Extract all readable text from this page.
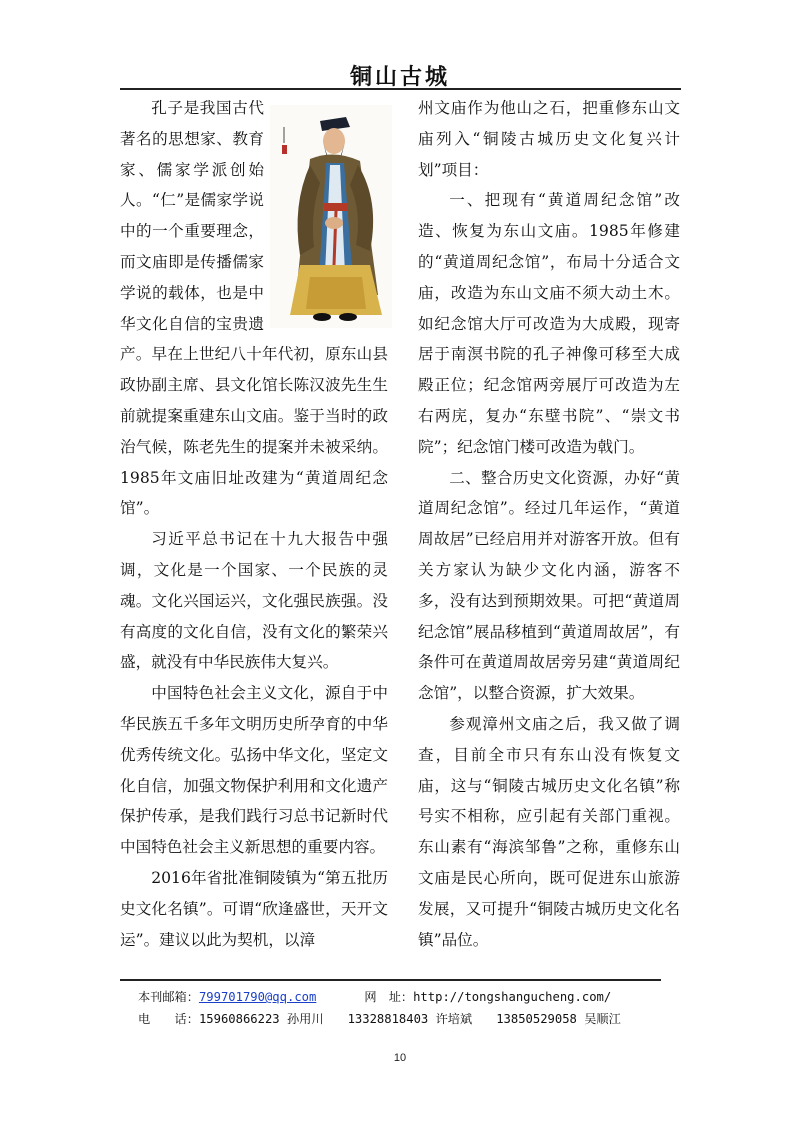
铜山古城

孔子是我国古代著名的思想家、教育家、儒家学派创始人。“仁”是儒家学说中的一个重要理念，而文庙即是传播儒家学说的载体，也是中华文化自信的宝贵遗产。早在上世纪八十年代初，原东山县政协副主席、县文化馆长陈汉波先生生前就提案重建东山文庙。鉴于当时的政治气候，陈老先生的提案并未被采纳。1985年文庙旧址改建为“黄道周纪念馆”。

习近平总书记在十九大报告中强调，文化是一个国家、一个民族的灵魂。文化兴国运兴，文化强民族强。没有高度的文化自信，没有文化的繁荣兴盛，就没有中华民族伟大复兴。

中国特色社会主义文化，源自于中华民族五千多年文明历史所孕育的中华优秀传统文化。弘扬中华文化，坚定文化自信，加强文物保护利用和文化遗产保护传承，是我们践行习总书记新时代中国特色社会主义新思想的重要内容。

2016年省批准铜陵镇为“第五批历史文化名镇”。可谓“欣逢盛世，天开文运”。建议以此为契机，以漳

州文庙作为他山之石，把重修东山文庙列入“铜陵古城历史文化复兴计划”项目：

一、把现有“黄道周纪念馆”改造、恢复为东山文庙。1985年修建的“黄道周纪念馆”，布局十分适合文庙，改造为东山文庙不须大动土木。如纪念馆大厅可改造为大成殿，现寄居于南溟书院的孔子神像可移至大成殿正位；纪念馆两旁展厅可改造为左右两庑，复办“东壁书院”、“崇文书院”；纪念馆门楼可改造为戟门。

二、整合历史文化资源，办好“黄道周纪念馆”。经过几年运作，“黄道周故居”已经启用并对游客开放。但有关方家认为缺少文化内涵，游客不多，没有达到预期效果。可把“黄道周纪念馆”展品移植到“黄道周故居”，有条件可在黄道周故居旁另建“黄道周纪念馆”，以整合资源，扩大效果。

参观漳州文庙之后，我又做了调查，目前全市只有东山没有恢复文庙，这与“铜陵古城历史文化名镇”称号实不相称，应引起有关部门重视。东山素有“海滨邹鲁”之称，重修东山文庙是民心所向，既可促进东山旅游发展，又可提升“铜陵古城历史文化名镇”品位。

本刊邮箱：799701790@qq.com	网　址：http://tongshangucheng.com/
电　　话：15960866223 孙用川 13328818403 许培斌 13850529058 吴顺江
10
